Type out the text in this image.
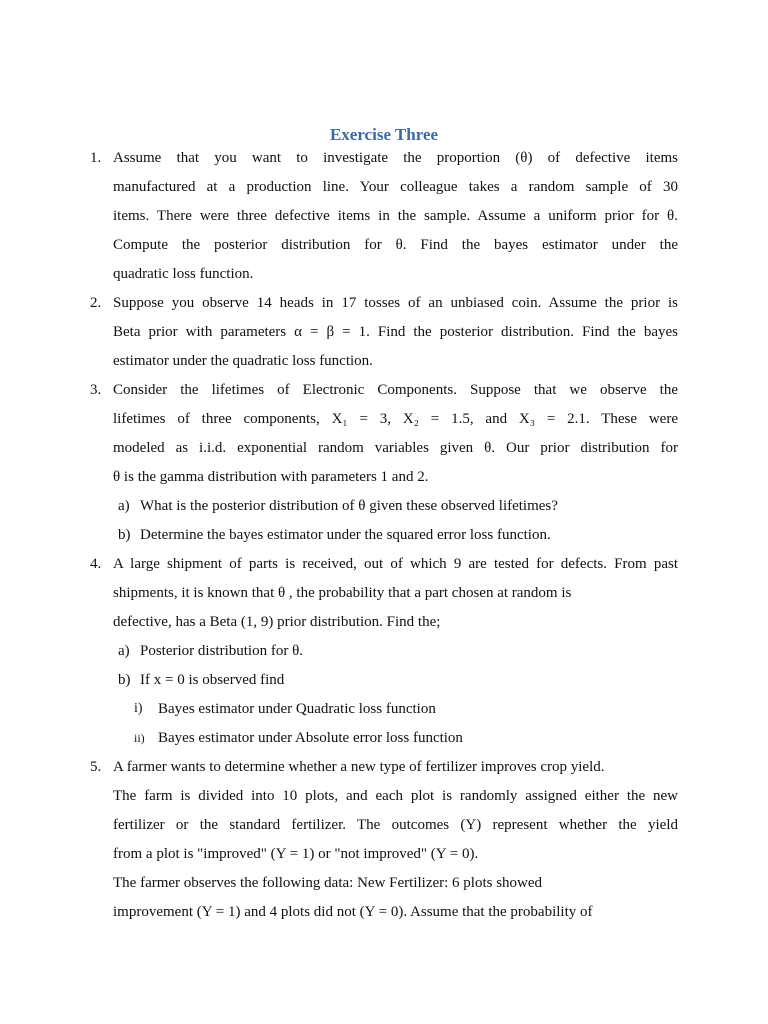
Exercise Three
1. Assume that you want to investigate the proportion (θ) of defective items
manufactured at a production line. Your colleague takes a random sample of 30
items. There were three defective items in the sample. Assume a uniform prior for θ.
Compute the posterior distribution for θ. Find the bayes estimator under the
quadratic loss function.
2. Suppose you observe 14 heads in 17 tosses of an unbiased coin. Assume the prior is
Beta prior with parameters α = β = 1. Find the posterior distribution. Find the bayes
estimator under the quadratic loss function.
3. Consider the lifetimes of Electronic Components. Suppose that we observe the
lifetimes of three components, X₁ = 3, X₂ = 1.5, and X₃ = 2.1. These were
modeled as i.i.d. exponential random variables given θ. Our prior distribution for
θ is the gamma distribution with parameters 1 and 2.
a) What is the posterior distribution of θ given these observed lifetimes?
b) Determine the bayes estimator under the squared error loss function.
4. A large shipment of parts is received, out of which 9 are tested for defects. From past
shipments, it is known that θ , the probability that a part chosen at random is
defective, has a Beta (1, 9) prior distribution. Find the;
a) Posterior distribution for θ.
b) If x = 0 is observed find
i) Bayes estimator under Quadratic loss function
ii) Bayes estimator under Absolute error loss function
5. A farmer wants to determine whether a new type of fertilizer improves crop yield.
The farm is divided into 10 plots, and each plot is randomly assigned either the new
fertilizer or the standard fertilizer. The outcomes (Y) represent whether the yield
from a plot is "improved" (Y = 1) or "not improved" (Y = 0).
The farmer observes the following data: New Fertilizer: 6 plots showed
improvement (Y = 1) and 4 plots did not (Y = 0). Assume that the probability of
